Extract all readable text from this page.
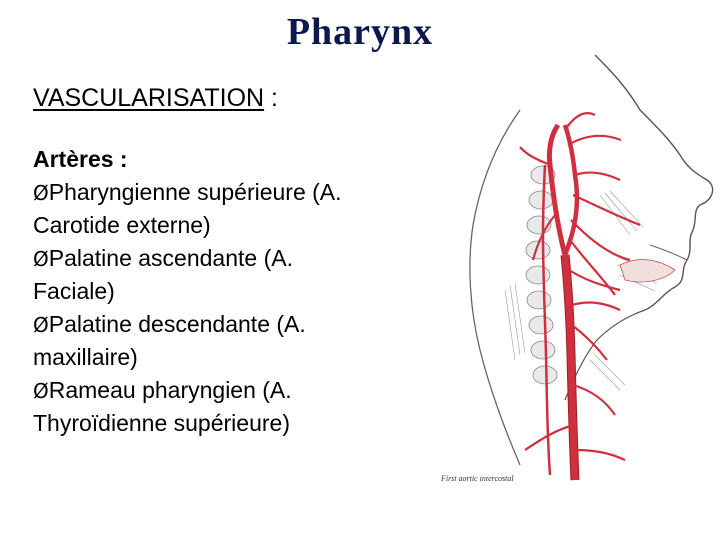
Pharynx
VASCULARISATION :
Artères :
ØPharyngienne supérieure (A.
Carotide externe)
ØPalatine ascendante (A.
Faciale)
ØPalatine descendante (A.
maxillaire)
ØRameau pharyngien (A.
Thyroïdienne supérieure)
First aortic intercostal
